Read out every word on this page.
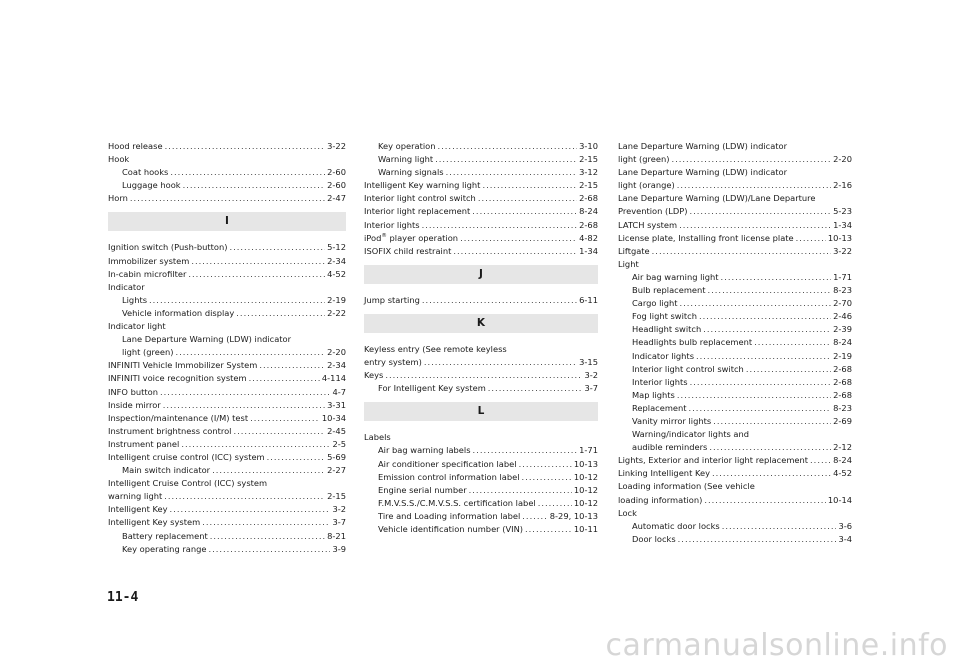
Hood release .....	3-22
Hook
Coat hooks .....	2-60
Luggage hook .....	2-60
Horn .....	2-47
I
Ignition switch (Push-button) .....	5-12
Immobilizer system .....	2-34
In-cabin microfilter .....	4-52
Indicator
Lights .....	2-19
Vehicle information display .....	2-22
Indicator light
Lane Departure Warning (LDW) indicator
light (green) .....	2-20
INFINITI Vehicle Immobilizer System .....	2-34
INFINITI voice recognition system .....	4-114
INFO button .....	4-7
Inside mirror .....	3-31
Inspection/maintenance (I/M) test .....	10-34
Instrument brightness control .....	2-45
Instrument panel .....	2-5
Intelligent cruise control (ICC) system .....	5-69
Main switch indicator .....	2-27
Intelligent Cruise Control (ICC) system
warning light .....	2-15
Intelligent Key .....	3-2
Intelligent Key system .....	3-7
Battery replacement .....	8-21
Key operating range .....	3-9
Key operation .....	3-10
Warning light .....	2-15
Warning signals .....	3-12
Intelligent Key warning light .....	2-15
Interior light control switch .....	2-68
Interior light replacement .....	8-24
Interior lights .....	2-68
iPod® player operation .....	4-82
ISOFIX child restraint .....	1-34
J
Jump starting .....	6-11
K
Keyless entry (See remote keyless
entry system) .....	3-15
Keys .....	3-2
For Intelligent Key system .....	3-7
L
Labels
Air bag warning labels .....	1-71
Air conditioner specification label .....	10-13
Emission control information label .....	10-12
Engine serial number .....	10-12
F.M.V.S.S./C.M.V.S.S. certification label .....	10-12
Tire and Loading information label .....	8-29, 10-13
Vehicle identification number (VIN) .....	10-11
Lane Departure Warning (LDW) indicator
light (green) .....	2-20
Lane Departure Warning (LDW) indicator
light (orange) .....	2-16
Lane Departure Warning (LDW)/Lane Departure
Prevention (LDP) .....	5-23
LATCH system .....	1-34
License plate, Installing front license plate .....	10-13
Liftgate .....	3-22
Light
Air bag warning light .....	1-71
Bulb replacement .....	8-23
Cargo light .....	2-70
Fog light switch .....	2-46
Headlight switch .....	2-39
Headlights bulb replacement .....	8-24
Indicator lights .....	2-19
Interior light control switch .....	2-68
Interior lights .....	2-68
Map lights .....	2-68
Replacement .....	8-23
Vanity mirror lights .....	2-69
Warning/indicator lights and
audible reminders .....	2-12
Lights, Exterior and interior light replacement .....	8-24
Linking Intelligent Key .....	4-52
Loading information (See vehicle
loading information) .....	10-14
Lock
Automatic door locks .....	3-6
Door locks .....	3-4
11-4
carmanualsonline.info
